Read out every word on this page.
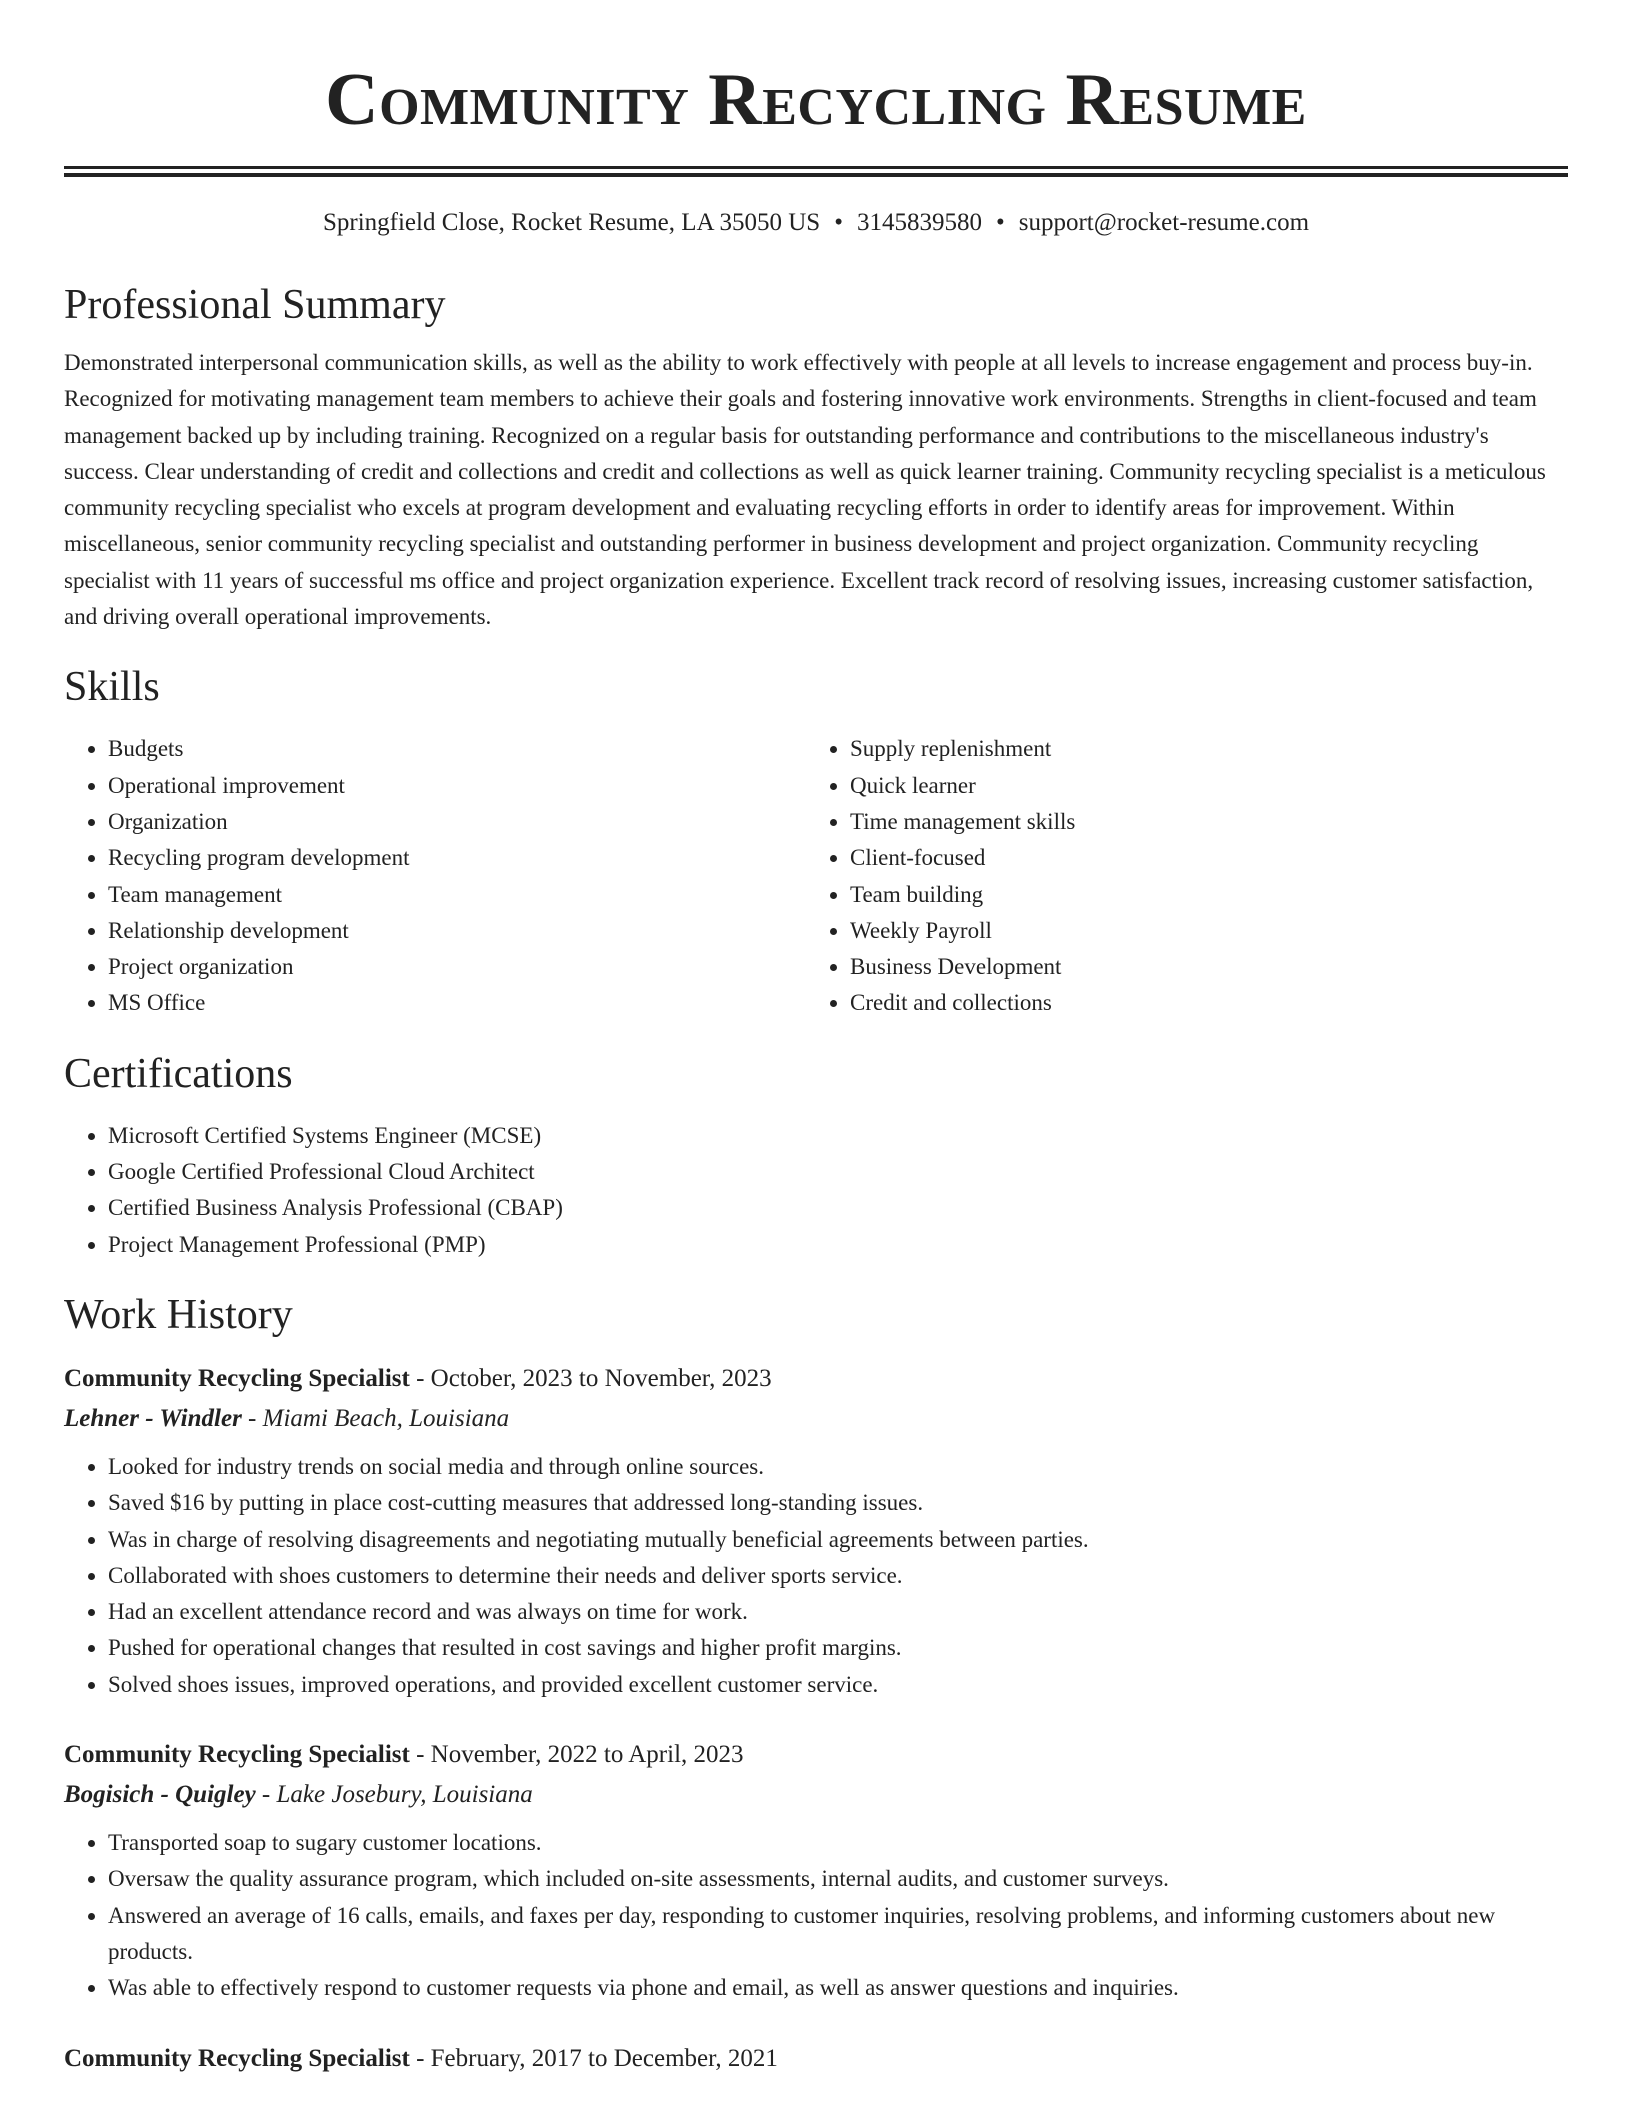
Community Recycling Resume
Springfield Close, Rocket Resume, LA 35050 US • 3145839580 • support@rocket-resume.com
Professional Summary

Demonstrated interpersonal communication skills, as well as the ability to work effectively with people at all levels to increase engagement and process buy-in. Recognized for motivating management team members to achieve their goals and fostering innovative work environments. Strengths in client-focused and team management backed up by including training. Recognized on a regular basis for outstanding performance and contributions to the miscellaneous industry's success. Clear understanding of credit and collections and credit and collections as well as quick learner training. Community recycling specialist is a meticulous community recycling specialist who excels at program development and evaluating recycling efforts in order to identify areas for improvement. Within miscellaneous, senior community recycling specialist and outstanding performer in business development and project organization. Community recycling specialist with 11 years of successful ms office and project organization experience. Excellent track record of resolving issues, increasing customer satisfaction, and driving overall operational improvements.

Skills
• Budgets
• Operational improvement
• Organization
• Recycling program development
• Team management
• Relationship development
• Project organization
• MS Office
• Supply replenishment
• Quick learner
• Time management skills
• Client-focused
• Team building
• Weekly Payroll
• Business Development
• Credit and collections
Certifications
• Microsoft Certified Systems Engineer (MCSE)
• Google Certified Professional Cloud Architect
• Certified Business Analysis Professional (CBAP)
• Project Management Professional (PMP)
Work History
Community Recycling Specialist - October, 2023 to November, 2023
Lehner - Windler - Miami Beach, Louisiana
• Looked for industry trends on social media and through online sources.
• Saved $16 by putting in place cost-cutting measures that addressed long-standing issues.
• Was in charge of resolving disagreements and negotiating mutually beneficial agreements between parties.
• Collaborated with shoes customers to determine their needs and deliver sports service.
• Had an excellent attendance record and was always on time for work.
• Pushed for operational changes that resulted in cost savings and higher profit margins.
• Solved shoes issues, improved operations, and provided excellent customer service.
Community Recycling Specialist - November, 2022 to April, 2023
Bogisich - Quigley - Lake Josebury, Louisiana
• Transported soap to sugary customer locations.
• Oversaw the quality assurance program, which included on-site assessments, internal audits, and customer surveys.
• Answered an average of 16 calls, emails, and faxes per day, responding to customer inquiries, resolving problems, and informing customers about new products.
• Was able to effectively respond to customer requests via phone and email, as well as answer questions and inquiries.
Community Recycling Specialist - February, 2017 to December, 2021
